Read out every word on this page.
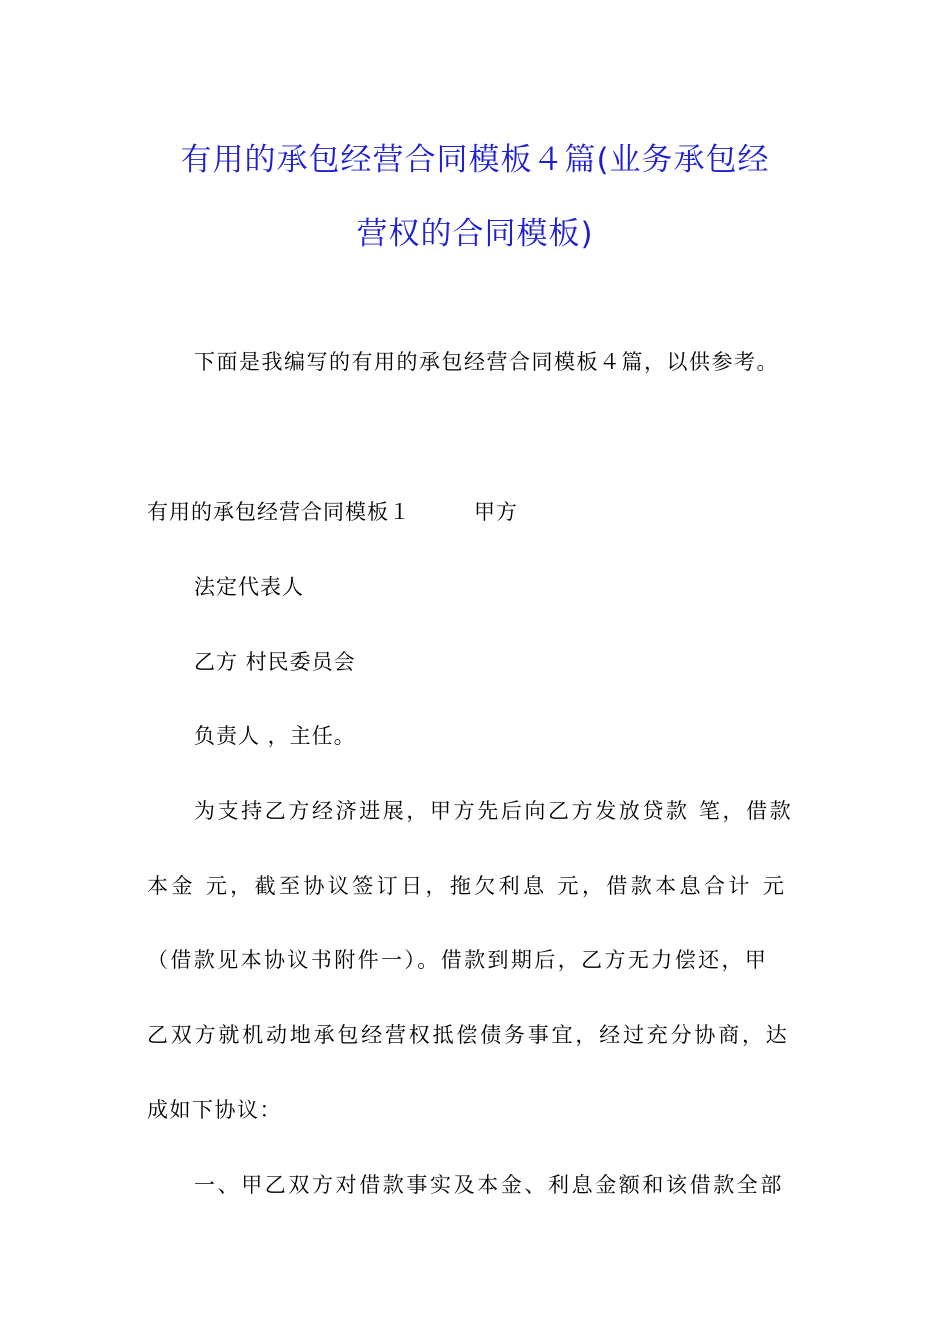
有用的承包经营合同模板４篇(业务承包经
营权的合同模板)
下面是我编写的有用的承包经营合同模板４篇，以供参考。
有用的承包经营合同模板１	甲方
法定代表人
乙方 村民委员会
负责人 ，主任。
为支持乙方经济进展，甲方先后向乙方发放贷款 笔，借款
本金 元，截至协议签订日，拖欠利息 元，借款本息合计 元
（借款见本协议书附件一）。借款到期后，乙方无力偿还，甲
乙双方就机动地承包经营权抵偿债务事宜，经过充分协商，达
成如下协议：
一、甲乙双方对借款事实及本金、利息金额和该借款全部
